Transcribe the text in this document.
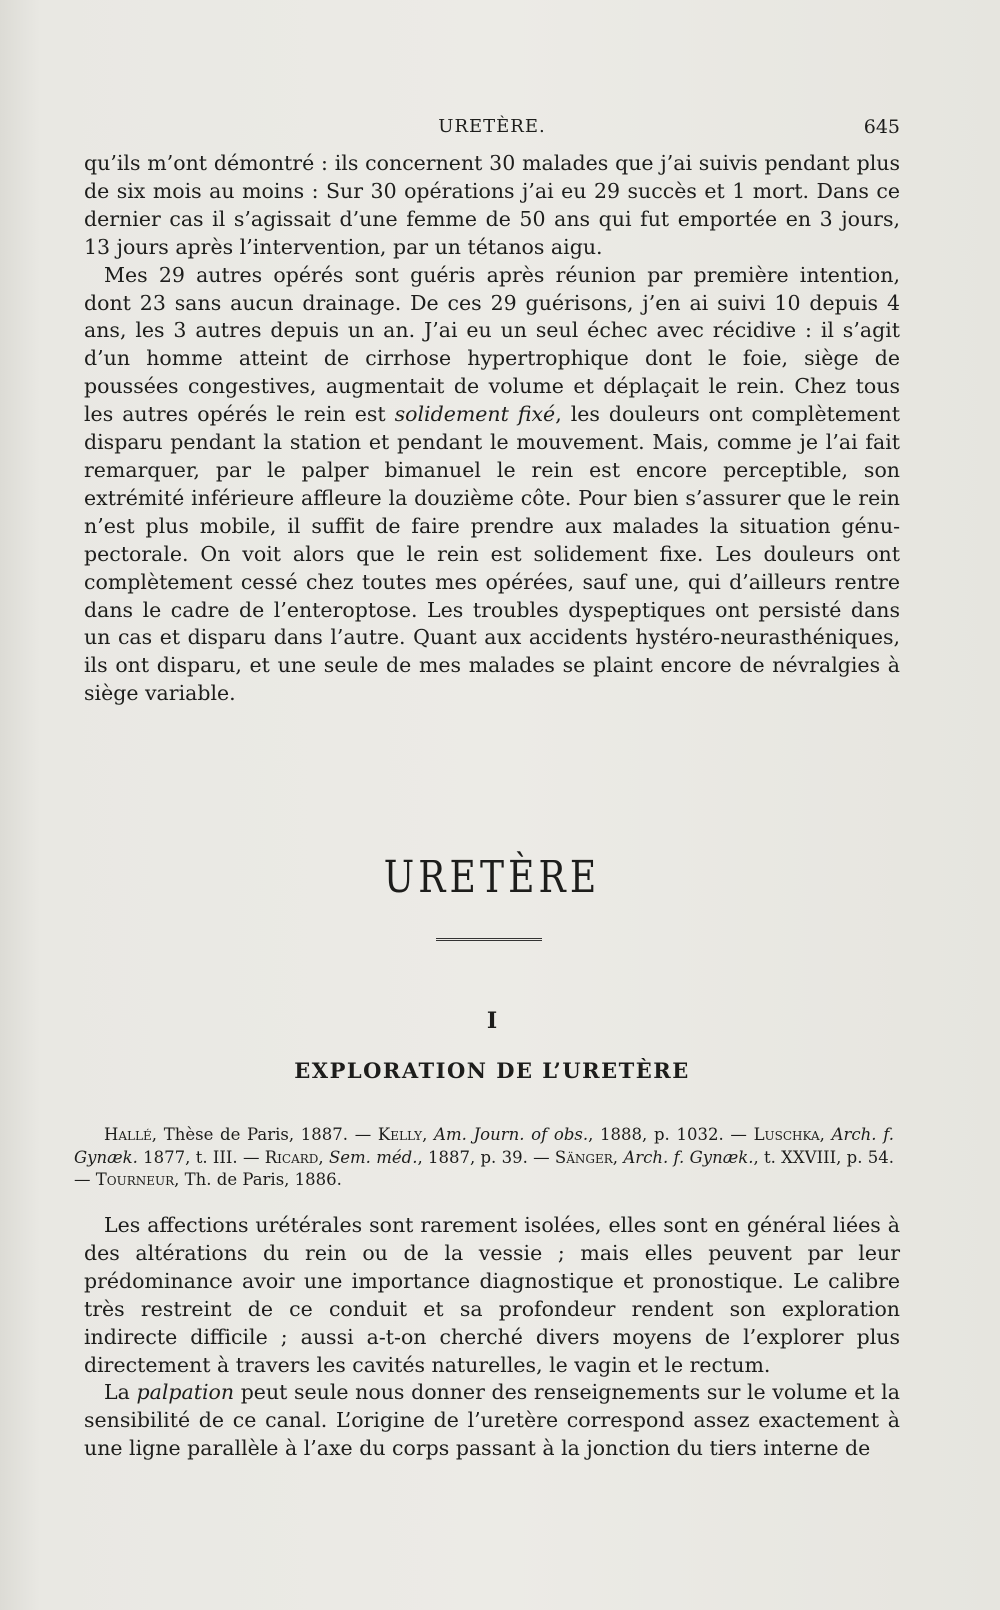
URETÈRE.	645

qu’ils m’ont démontré : ils concernent 30 malades que j’ai suivis pendant plus de six mois au moins : Sur 30 opérations j’ai eu 29 succès et 1 mort. Dans ce dernier cas il s’agissait d’une femme de 50 ans qui fut emportée en 3 jours, 13 jours après l’intervention, par un tétanos aigu.

Mes 29 autres opérés sont guéris après réunion par première intention, dont 23 sans aucun drainage. De ces 29 guérisons, j’en ai suivi 10 depuis 4 ans, les 3 autres depuis un an. J’ai eu un seul échec avec récidive : il s’agit d’un homme atteint de cirrhose hypertrophique dont le foie, siège de poussées congestives, augmentait de volume et déplaçait le rein. Chez tous les autres opérés le rein est solidement fixé, les douleurs ont complètement disparu pendant la station et pendant le mouvement. Mais, comme je l’ai fait remarquer, par le palper bimanuel le rein est encore perceptible, son extrémité inférieure affleure la douzième côte. Pour bien s’assurer que le rein n’est plus mobile, il suffit de faire prendre aux malades la situation génu-pectorale. On voit alors que le rein est solidement fixe. Les douleurs ont complètement cessé chez toutes mes opérées, sauf une, qui d’ailleurs rentre dans le cadre de l’enteroptose. Les troubles dyspeptiques ont persisté dans un cas et disparu dans l’autre. Quant aux accidents hystéro-neurasthéniques, ils ont disparu, et une seule de mes malades se plaint encore de névralgies à siège variable.

URETÈRE
I
EXPLORATION DE L’URETÈRE

Hallé, Thèse de Paris, 1887. — Kelly, Am. Journ. of obs., 1888, p. 1032. — Luschka, Arch. f. Gynæk. 1877, t. III. — Ricard, Sem. méd., 1887, p. 39. — Sänger, Arch. f. Gynæk., t. XXVIII, p. 54. — Tourneur, Th. de Paris, 1886.

Les affections urétérales sont rarement isolées, elles sont en général liées à des altérations du rein ou de la vessie ; mais elles peuvent par leur prédominance avoir une importance diagnostique et pronostique. Le calibre très restreint de ce conduit et sa profondeur rendent son exploration indirecte difficile ; aussi a-t-on cherché divers moyens de l’explorer plus directement à travers les cavités naturelles, le vagin et le rectum.

La palpation peut seule nous donner des renseignements sur le volume et la sensibilité de ce canal. L’origine de l’uretère correspond assez exactement à une ligne parallèle à l’axe du corps passant à la jonction du tiers interne de
